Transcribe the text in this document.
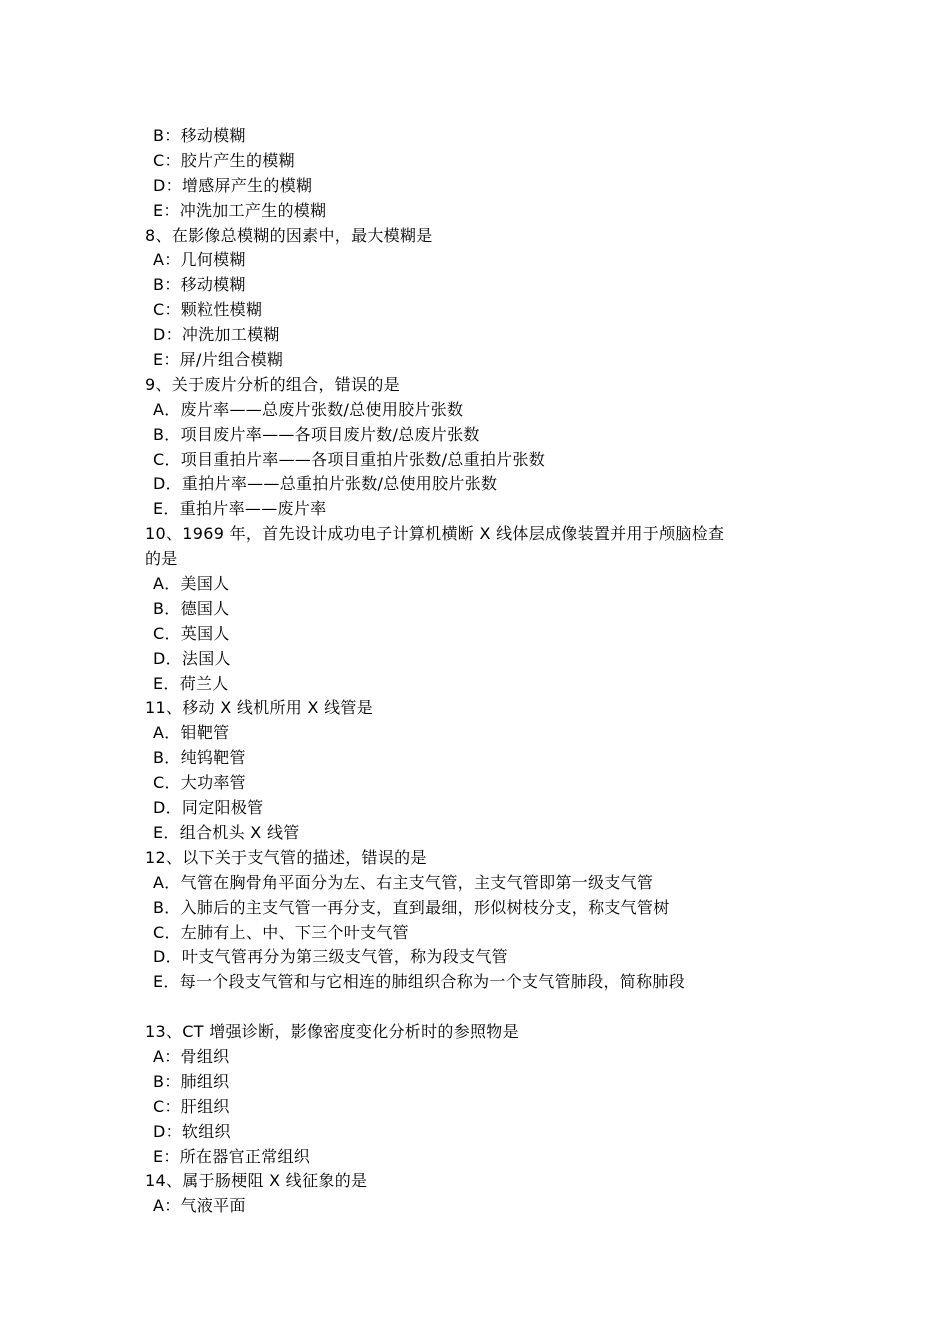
B：移动模糊
C：胶片产生的模糊
D：增感屏产生的模糊
E：冲洗加工产生的模糊
8、在影像总模糊的因素中，最大模糊是
A：几何模糊
B：移动模糊
C：颗粒性模糊
D：冲洗加工模糊
E：屏/片组合模糊
9、关于废片分析的组合，错误的是
A．废片率——总废片张数/总使用胶片张数
B．项目废片率——各项目废片数/总废片张数
C．项目重拍片率——各项目重拍片张数/总重拍片张数
D．重拍片率——总重拍片张数/总使用胶片张数
E．重拍片率——废片率
10、1969 年，首先设计成功电子计算机横断 X 线体层成像装置并用于颅脑检查
的是
A．美国人
B．德国人
C．英国人
D．法国人
E．荷兰人
11、移动 X 线机所用 X 线管是
A．钼靶管
B．纯钨靶管
C．大功率管
D．同定阳极管
E．组合机头 X 线管
12、以下关于支气管的描述，错误的是
A．气管在胸骨角平面分为左、右主支气管，主支气管即第一级支气管
B．入肺后的主支气管一再分支，直到最细，形似树枝分支，称支气管树
C．左肺有上、中、下三个叶支气管
D．叶支气管再分为第三级支气管，称为段支气管
E．每一个段支气管和与它相连的肺组织合称为一个支气管肺段，简称肺段
13、CT 增强诊断，影像密度变化分析时的参照物是
A：骨组织
B：肺组织
C：肝组织
D：软组织
E：所在器官正常组织
14、属于肠梗阻 X 线征象的是
A：气液平面
